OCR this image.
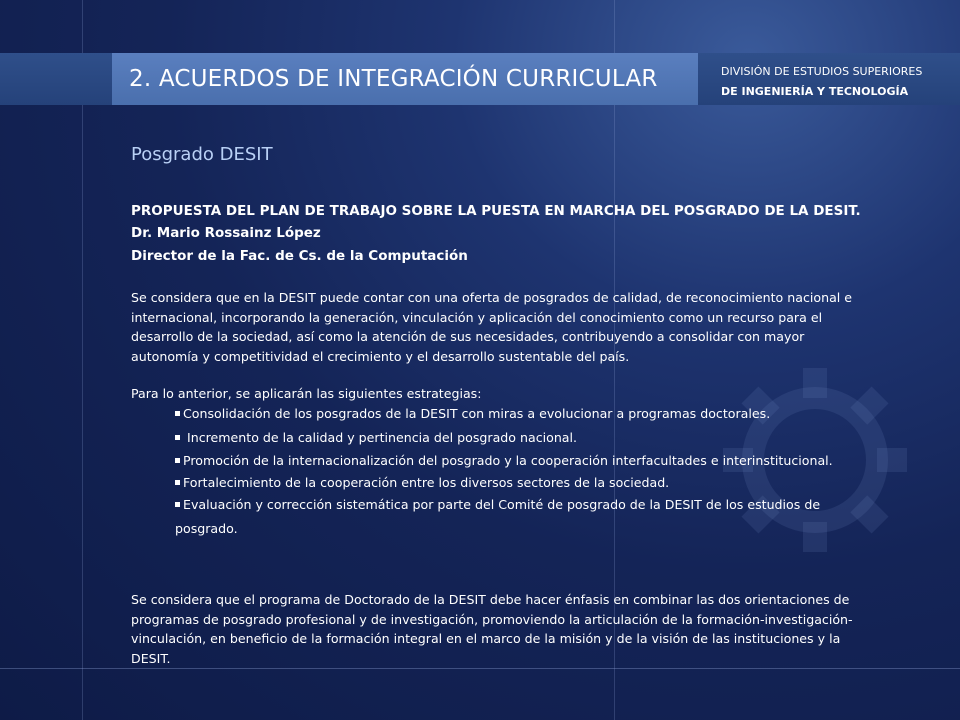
2. ACUERDOS DE INTEGRACIÓN CURRICULAR	DIVISIÓN DE ESTUDIOS SUPERIORES
DE INGENIERÍA Y TECNOLOGÍA
Posgrado DESIT
PROPUESTA DEL PLAN DE TRABAJO SOBRE LA PUESTA EN MARCHA DEL POSGRADO DE LA DESIT.
Dr. Mario Rossainz López
Director de la Fac. de Cs. de la Computación
Se considera que en la DESIT puede contar con una oferta de posgrados de calidad, de reconocimiento nacional e internacional, incorporando la generación, vinculación y aplicación del conocimiento como un recurso para el desarrollo de la sociedad, así como la atención de sus necesidades, contribuyendo a consolidar con mayor autonomía y competitividad el crecimiento y el desarrollo sustentable del país.
Para lo anterior, se aplicarán las siguientes estrategias:
Consolidación de los posgrados de la DESIT con miras a evolucionar a programas doctorales.
Incremento de la calidad y pertinencia del posgrado nacional.
Promoción de la internacionalización del posgrado y la cooperación interfacultades e interinstitucional.
Fortalecimiento de la cooperación entre los diversos sectores de la sociedad.
Evaluación y corrección sistemática por parte del Comité de posgrado de la DESIT de los estudios de posgrado.
Se considera que el programa de Doctorado de la DESIT debe hacer énfasis en combinar las dos orientaciones de programas de posgrado profesional y de investigación, promoviendo la articulación de la formación-investigación-vinculación, en beneficio de la formación integral en el marco de la misión y de la visión de las instituciones y la DESIT.
